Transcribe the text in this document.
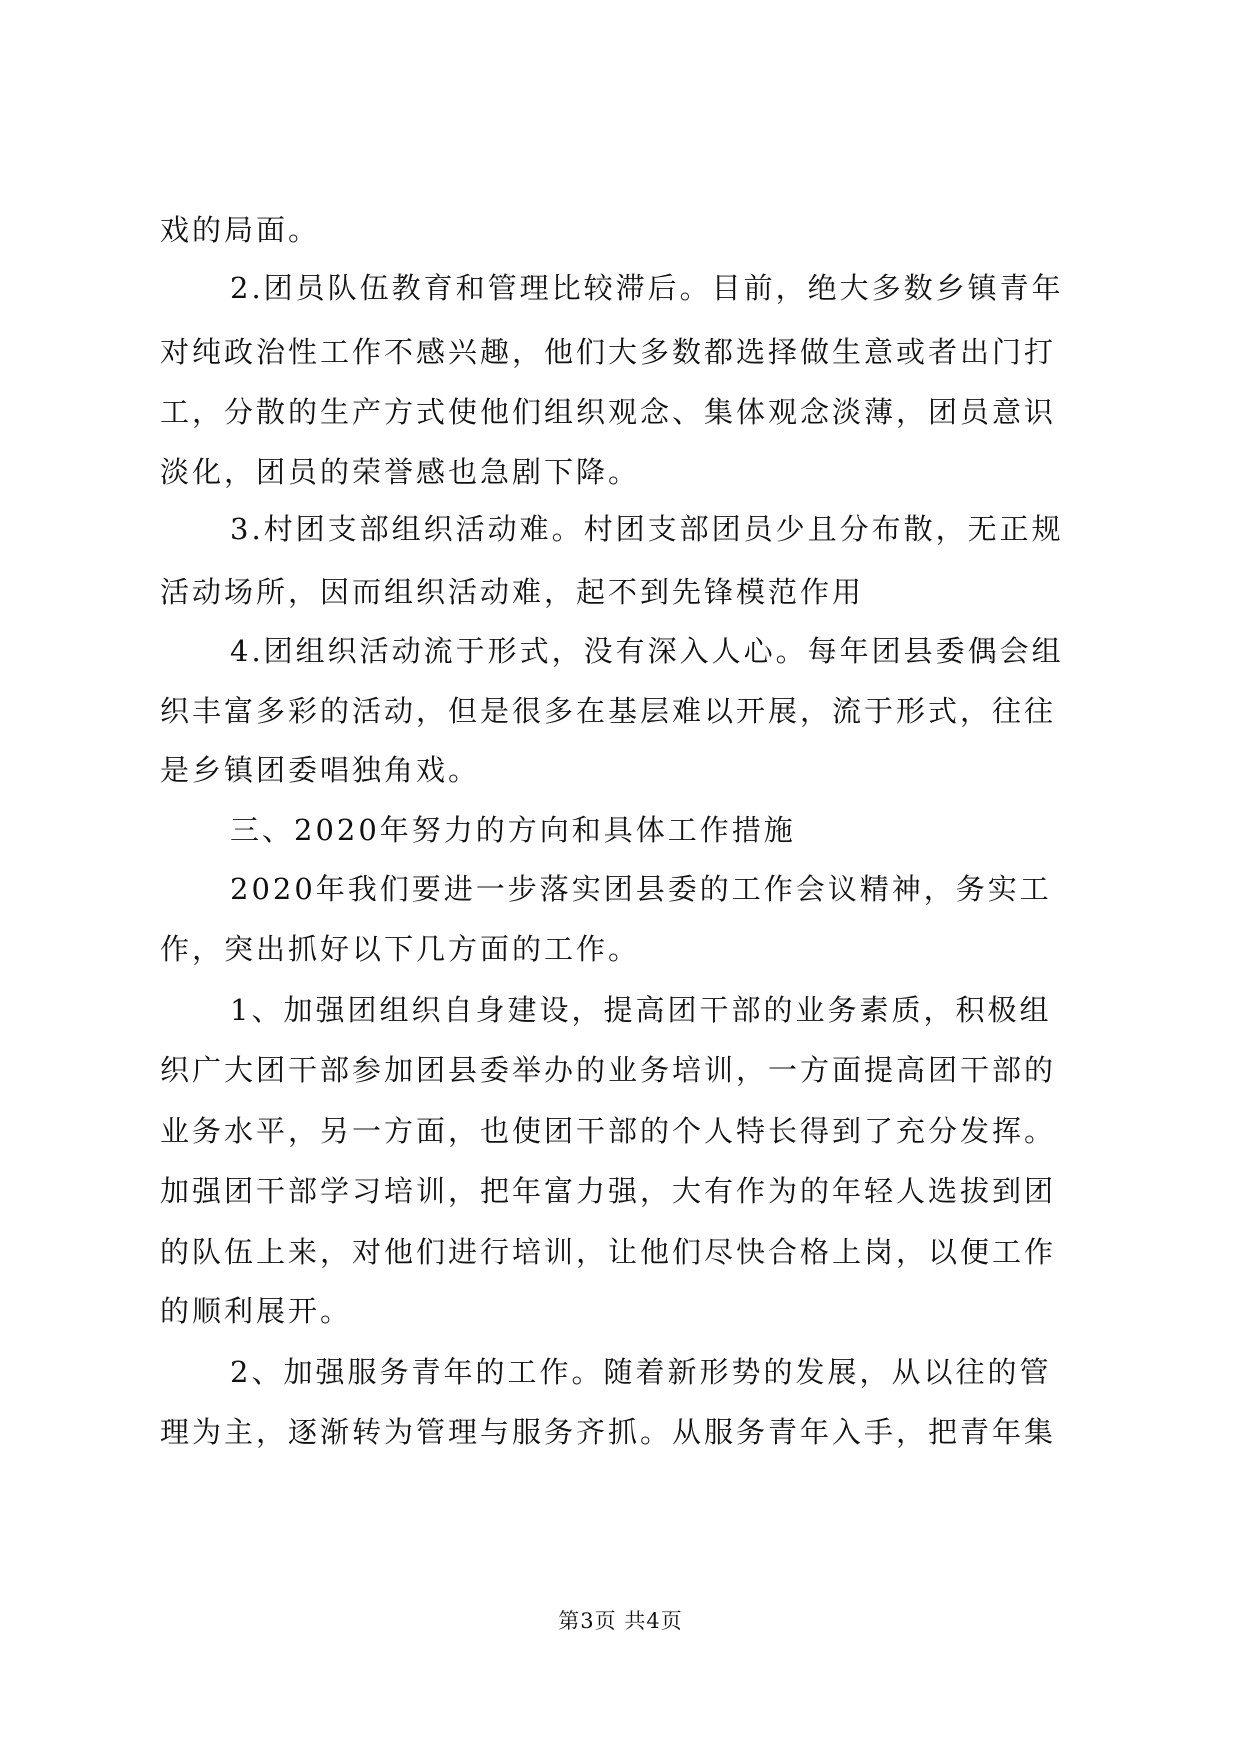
戏的局面。
2.团员队伍教育和管理比较滞后。目前，绝大多数乡镇青年
对纯政治性工作不感兴趣，他们大多数都选择做生意或者出门打
工，分散的生产方式使他们组织观念、集体观念淡薄，团员意识
淡化，团员的荣誉感也急剧下降。
3.村团支部组织活动难。村团支部团员少且分布散，无正规
活动场所，因而组织活动难，起不到先锋模范作用
4.团组织活动流于形式，没有深入人心。每年团县委偶会组
织丰富多彩的活动，但是很多在基层难以开展，流于形式，往往
是乡镇团委唱独角戏。
三、2020年努力的方向和具体工作措施
2020年我们要进一步落实团县委的工作会议精神，务实工
作，突出抓好以下几方面的工作。
1、加强团组织自身建设，提高团干部的业务素质，积极组
织广大团干部参加团县委举办的业务培训，一方面提高团干部的
业务水平，另一方面，也使团干部的个人特长得到了充分发挥。
加强团干部学习培训，把年富力强，大有作为的年轻人选拔到团
的队伍上来，对他们进行培训，让他们尽快合格上岗，以便工作
的顺利展开。
2、加强服务青年的工作。随着新形势的发展，从以往的管
理为主，逐渐转为管理与服务齐抓。从服务青年入手，把青年集
第3页 共4页
